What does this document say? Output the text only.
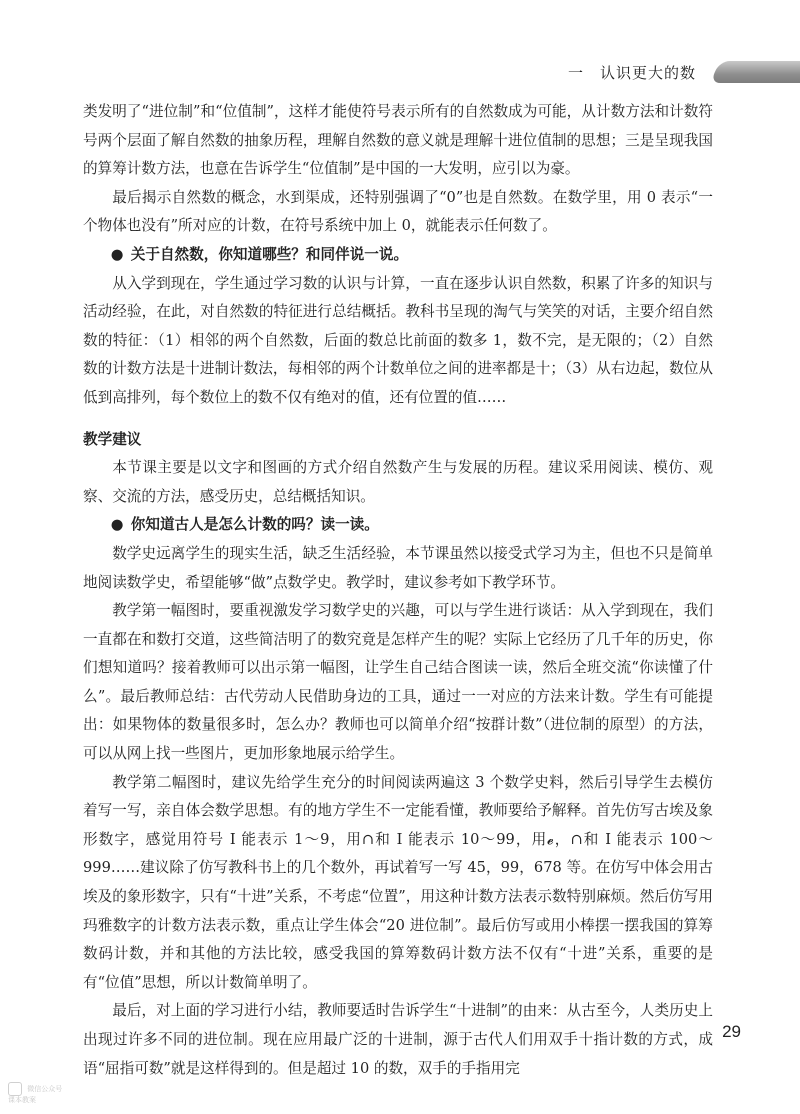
一　认识更大的数

类发明了“进位制”和“位值制”，这样才能使符号表示所有的自然数成为可能，从计数方法和计数符号两个层面了解自然数的抽象历程，理解自然数的意义就是理解十进位值制的思想；三是呈现我国的算筹计数方法，也意在告诉学生“位值制”是中国的一大发明，应引以为豪。

最后揭示自然数的概念，水到渠成，还特别强调了“0”也是自然数。在数学里，用 0 表示“一个物体也没有”所对应的计数，在符号系统中加上 0，就能表示任何数了。

● 关于自然数，你知道哪些？和同伴说一说。

从入学到现在，学生通过学习数的认识与计算，一直在逐步认识自然数，积累了许多的知识与活动经验，在此，对自然数的特征进行总结概括。教科书呈现的淘气与笑笑的对话，主要介绍自然数的特征：（1）相邻的两个自然数，后面的数总比前面的数多 1，数不完，是无限的；（2）自然数的计数方法是十进制计数法，每相邻的两个计数单位之间的进率都是十；（3）从右边起，数位从低到高排列，每个数位上的数不仅有绝对的值，还有位置的值……

教学建议

本节课主要是以文字和图画的方式介绍自然数产生与发展的历程。建议采用阅读、模仿、观察、交流的方法，感受历史，总结概括知识。

● 你知道古人是怎么计数的吗？读一读。

数学史远离学生的现实生活，缺乏生活经验，本节课虽然以接受式学习为主，但也不只是简单地阅读数学史，希望能够“做”点数学史。教学时，建议参考如下教学环节。

教学第一幅图时，要重视激发学习数学史的兴趣，可以与学生进行谈话：从入学到现在，我们一直都在和数打交道，这些简洁明了的数究竟是怎样产生的呢？实际上它经历了几千年的历史，你们想知道吗？接着教师可以出示第一幅图，让学生自己结合图读一读，然后全班交流“你读懂了什么”。最后教师总结：古代劳动人民借助身边的工具，通过一一对应的方法来计数。学生有可能提出：如果物体的数量很多时，怎么办？教师也可以简单介绍“按群计数”（进位制的原型）的方法，可以从网上找一些图片，更加形象地展示给学生。

教学第二幅图时，建议先给学生充分的时间阅读两遍这 3 个数学史料，然后引导学生去模仿着写一写，亲自体会数学思想。有的地方学生不一定能看懂，教师要给予解释。首先仿写古埃及象形数字，感觉用符号 Ι 能表示 1～9，用∩和 Ι 能表示 10～99，用𝓮，∩和 Ι 能表示 100～999……建议除了仿写教科书上的几个数外，再试着写一写 45，99，678 等。在仿写中体会用古埃及的象形数字，只有“十进”关系，不考虑“位置”，用这种计数方法表示数特别麻烦。然后仿写用玛雅数字的计数方法表示数，重点让学生体会“20 进位制”。最后仿写或用小棒摆一摆我国的算筹数码计数，并和其他的方法比较，感受我国的算筹数码计数方法不仅有“十进”关系，重要的是有“位值”思想，所以计数简单明了。

最后，对上面的学习进行小结，教师要适时告诉学生“十进制”的由来：从古至今，人类历史上出现过许多不同的进位制。现在应用最广泛的十进制，源于古代人们用双手十指计数的方式，成语“屈指可数”就是这样得到的。但是超过 10 的数，双手的手指用完

29
微信公众号
课本教案
